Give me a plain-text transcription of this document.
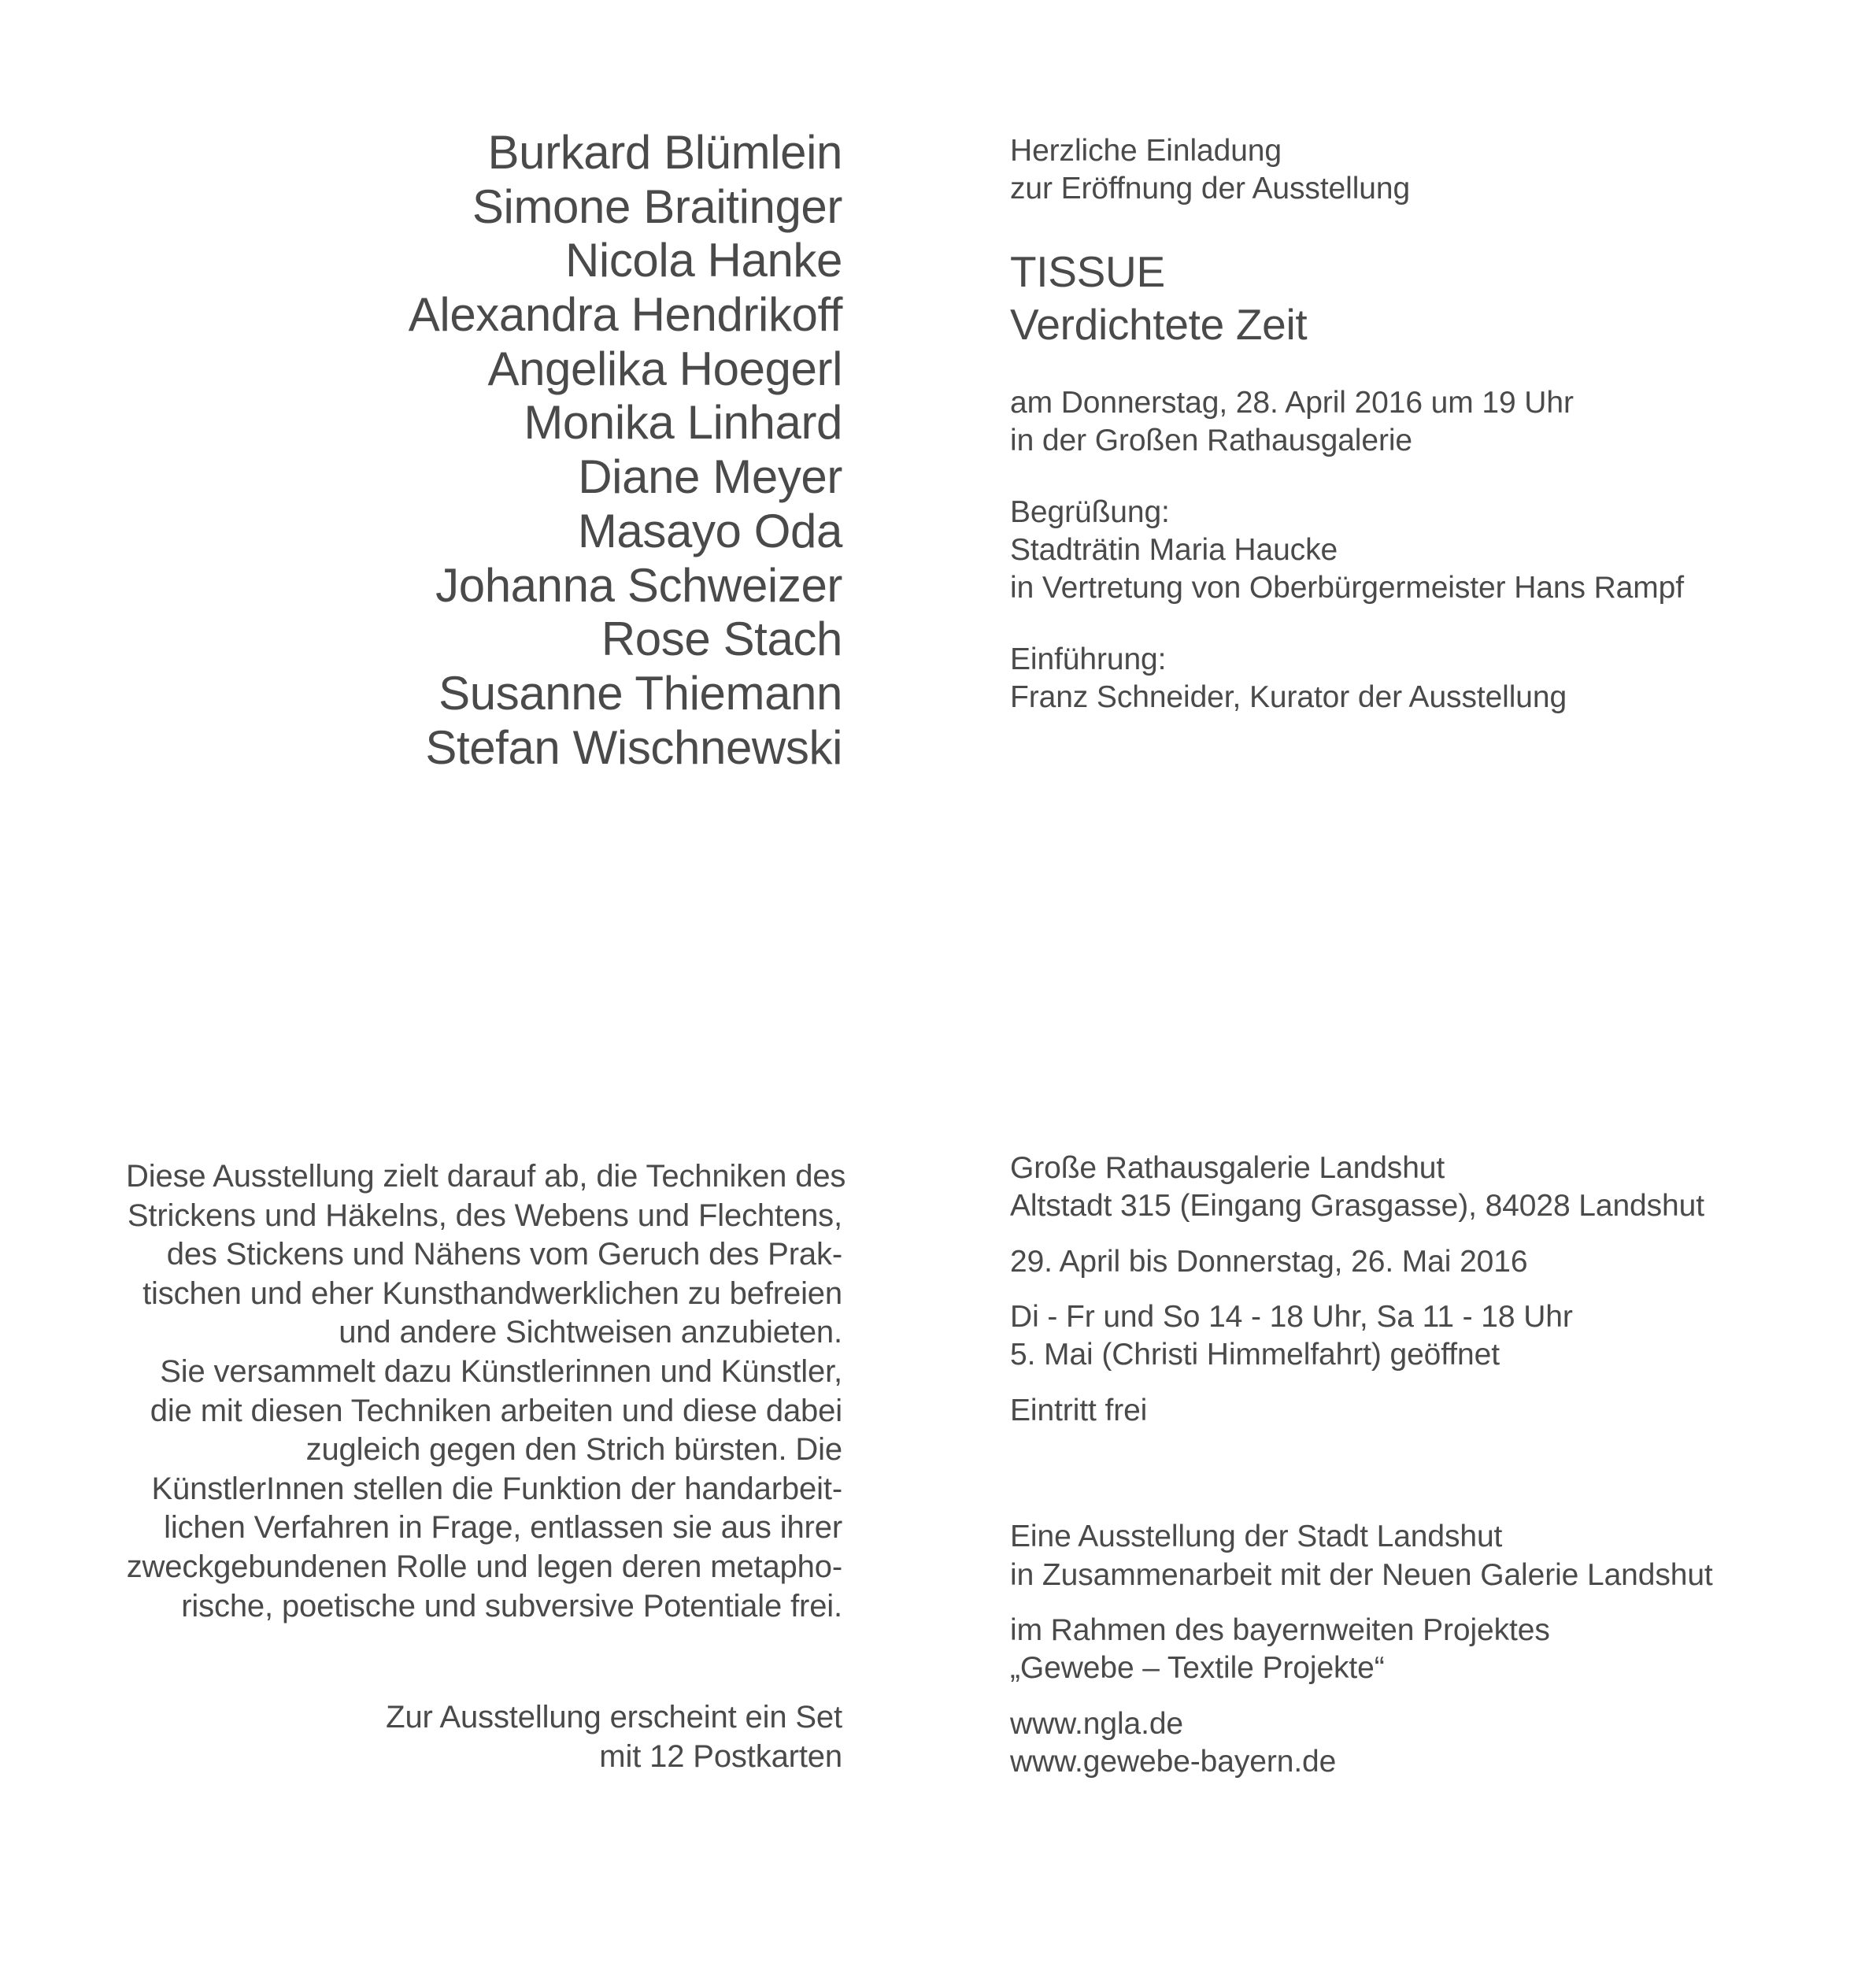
Burkard Blümlein
Simone Braitinger
Nicola Hanke
Alexandra Hendrikoff
Angelika Hoegerl
Monika Linhard
Diane Meyer
Masayo Oda
Johanna Schweizer
Rose Stach
Susanne Thiemann
Stefan Wischnewski
Herzliche Einladung
zur Eröffnung der Ausstellung
TISSUE
Verdichtete Zeit
am Donnerstag, 28. April 2016 um 19 Uhr
in der Großen Rathausgalerie
Begrüßung:
Stadträtin Maria Haucke
in Vertretung von Oberbürgermeister Hans Rampf
Einführung:
Franz Schneider, Kurator der Ausstellung
Diese Ausstellung zielt darauf ab, die Techniken des
Strickens und Häkelns, des Webens und Flechtens,
des Stickens und Nähens vom Geruch des Prak-
tischen und eher Kunsthandwerklichen zu befreien
und andere Sichtweisen anzubieten.
Sie versammelt dazu Künstlerinnen und Künstler,
die mit diesen Techniken arbeiten und diese dabei
zugleich gegen den Strich bürsten. Die
KünstlerInnen stellen die Funktion der handarbeit-
lichen Verfahren in Frage, entlassen sie aus ihrer
zweckgebundenen Rolle und legen deren metapho-
rische, poetische und subversive Potentiale frei.
Zur Ausstellung erscheint ein Set
mit 12 Postkarten
Große Rathausgalerie Landshut
Altstadt 315 (Eingang Grasgasse), 84028 Landshut
29. April bis Donnerstag, 26. Mai 2016
Di - Fr und So 14 - 18 Uhr, Sa 11 - 18 Uhr
5. Mai (Christi Himmelfahrt) geöffnet
Eintritt frei
Eine Ausstellung der Stadt Landshut
in Zusammenarbeit mit der Neuen Galerie Landshut
im Rahmen des bayernweiten Projektes
„Gewebe – Textile Projekte“
www.ngla.de
www.gewebe-bayern.de
